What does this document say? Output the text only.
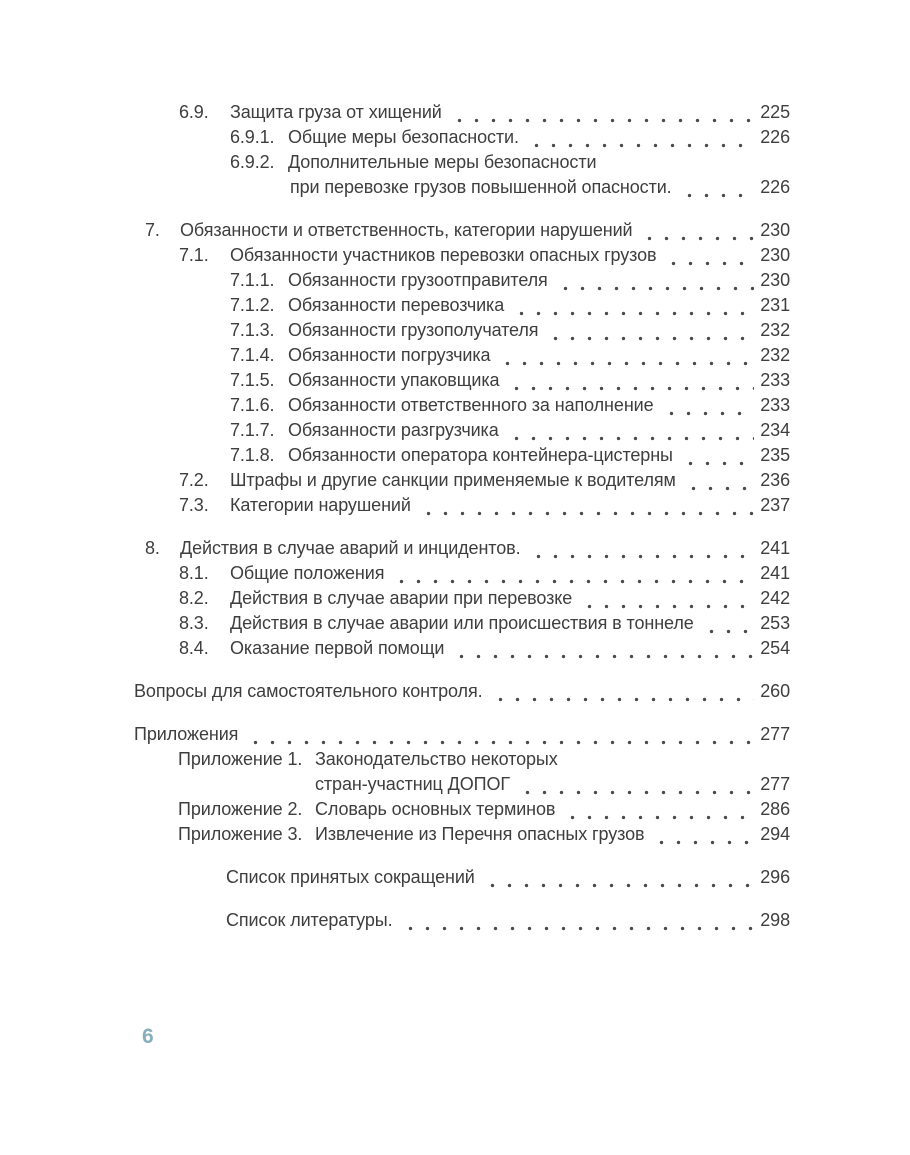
6.9.	Защита груза от хищений	225
6.9.1. Общие меры безопасности.	226
6.9.2. Дополнительные меры безопасности
при перевозке грузов повышенной опасности.	226
7.	Обязанности и ответственность, категории нарушений	230
7.1.	Обязанности участников перевозки опасных грузов	230
7.1.1. Обязанности грузоотправителя	230
7.1.2. Обязанности перевозчика	231
7.1.3. Обязанности грузополучателя	232
7.1.4. Обязанности погрузчика	232
7.1.5. Обязанности упаковщика	233
7.1.6. Обязанности ответственного за наполнение	233
7.1.7. Обязанности разгрузчика	234
7.1.8. Обязанности оператора контейнера-цистерны	235
7.2.	Штрафы и другие санкции применяемые к водителям	236
7.3.	Категории нарушений	237
8.	Действия в случае аварий и инцидентов.	241
8.1.	Общие положения	241
8.2.	Действия в случае аварии при перевозке	242
8.3.	Действия в случае аварии или происшествия в тоннеле	253
8.4.	Оказание первой помощи	254
Вопросы для самостоятельного контроля.	260
Приложения	277
Приложение 1. Законодательство некоторых
стран-участниц ДОПОГ	277
Приложение 2. Словарь основных терминов	286
Приложение 3. Извлечение из Перечня опасных грузов	294
Список принятых сокращений	296
Список литературы.	298
6
